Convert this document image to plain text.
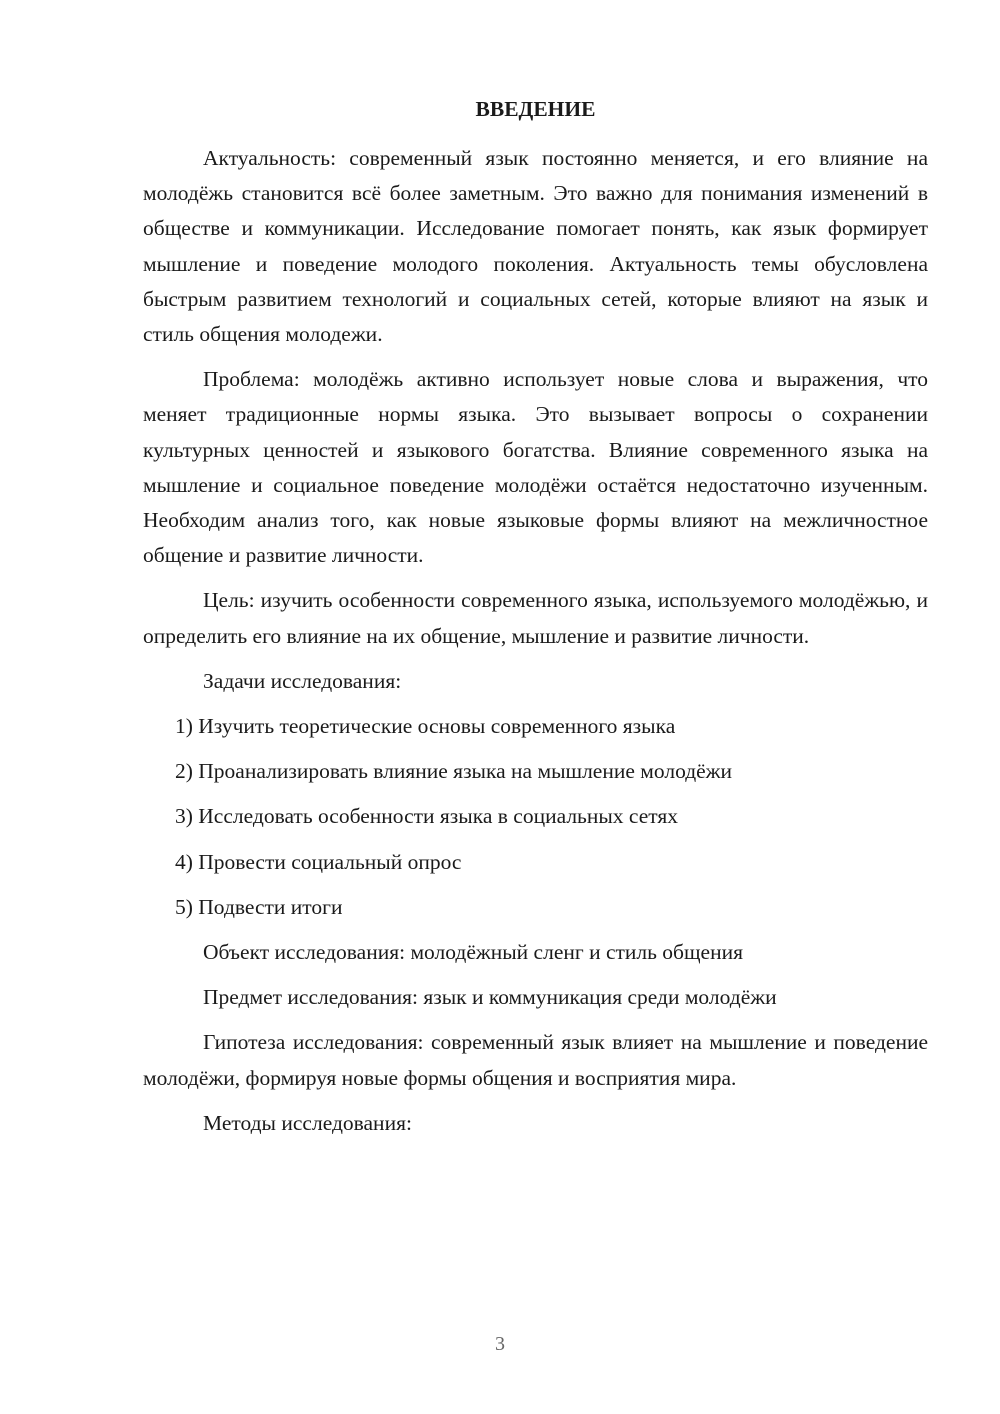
ВВЕДЕНИЕ

Актуальность: современный язык постоянно меняется, и его влияние на молодёжь становится всё более заметным. Это важно для понимания изменений в обществе и коммуникации. Исследование помогает понять, как язык формирует мышление и поведение молодого поколения. Актуальность темы обусловлена быстрым развитием технологий и социальных сетей, которые влияют на язык и стиль общения молодежи.

Проблема: молодёжь активно использует новые слова и выражения, что меняет традиционные нормы языка. Это вызывает вопросы о сохранении культурных ценностей и языкового богатства. Влияние современного языка на мышление и социальное поведение молодёжи остаётся недостаточно изученным. Необходим анализ того, как новые языковые формы влияют на межличностное общение и развитие личности.

Цель: изучить особенности современного языка, используемого молодёжью, и определить его влияние на их общение, мышление и развитие личности.

Задачи исследования:

1) Изучить теоретические основы современного языка
2) Проанализировать влияние языка на мышление молодёжи
3) Исследовать особенности языка в социальных сетях
4) Провести социальный опрос
5) Подвести итоги

Объект исследования: молодёжный сленг и стиль общения

Предмет исследования: язык и коммуникация среди молодёжи

Гипотеза исследования: современный язык влияет на мышление и поведение молодёжи, формируя новые формы общения и восприятия мира.

Методы исследования:

3
